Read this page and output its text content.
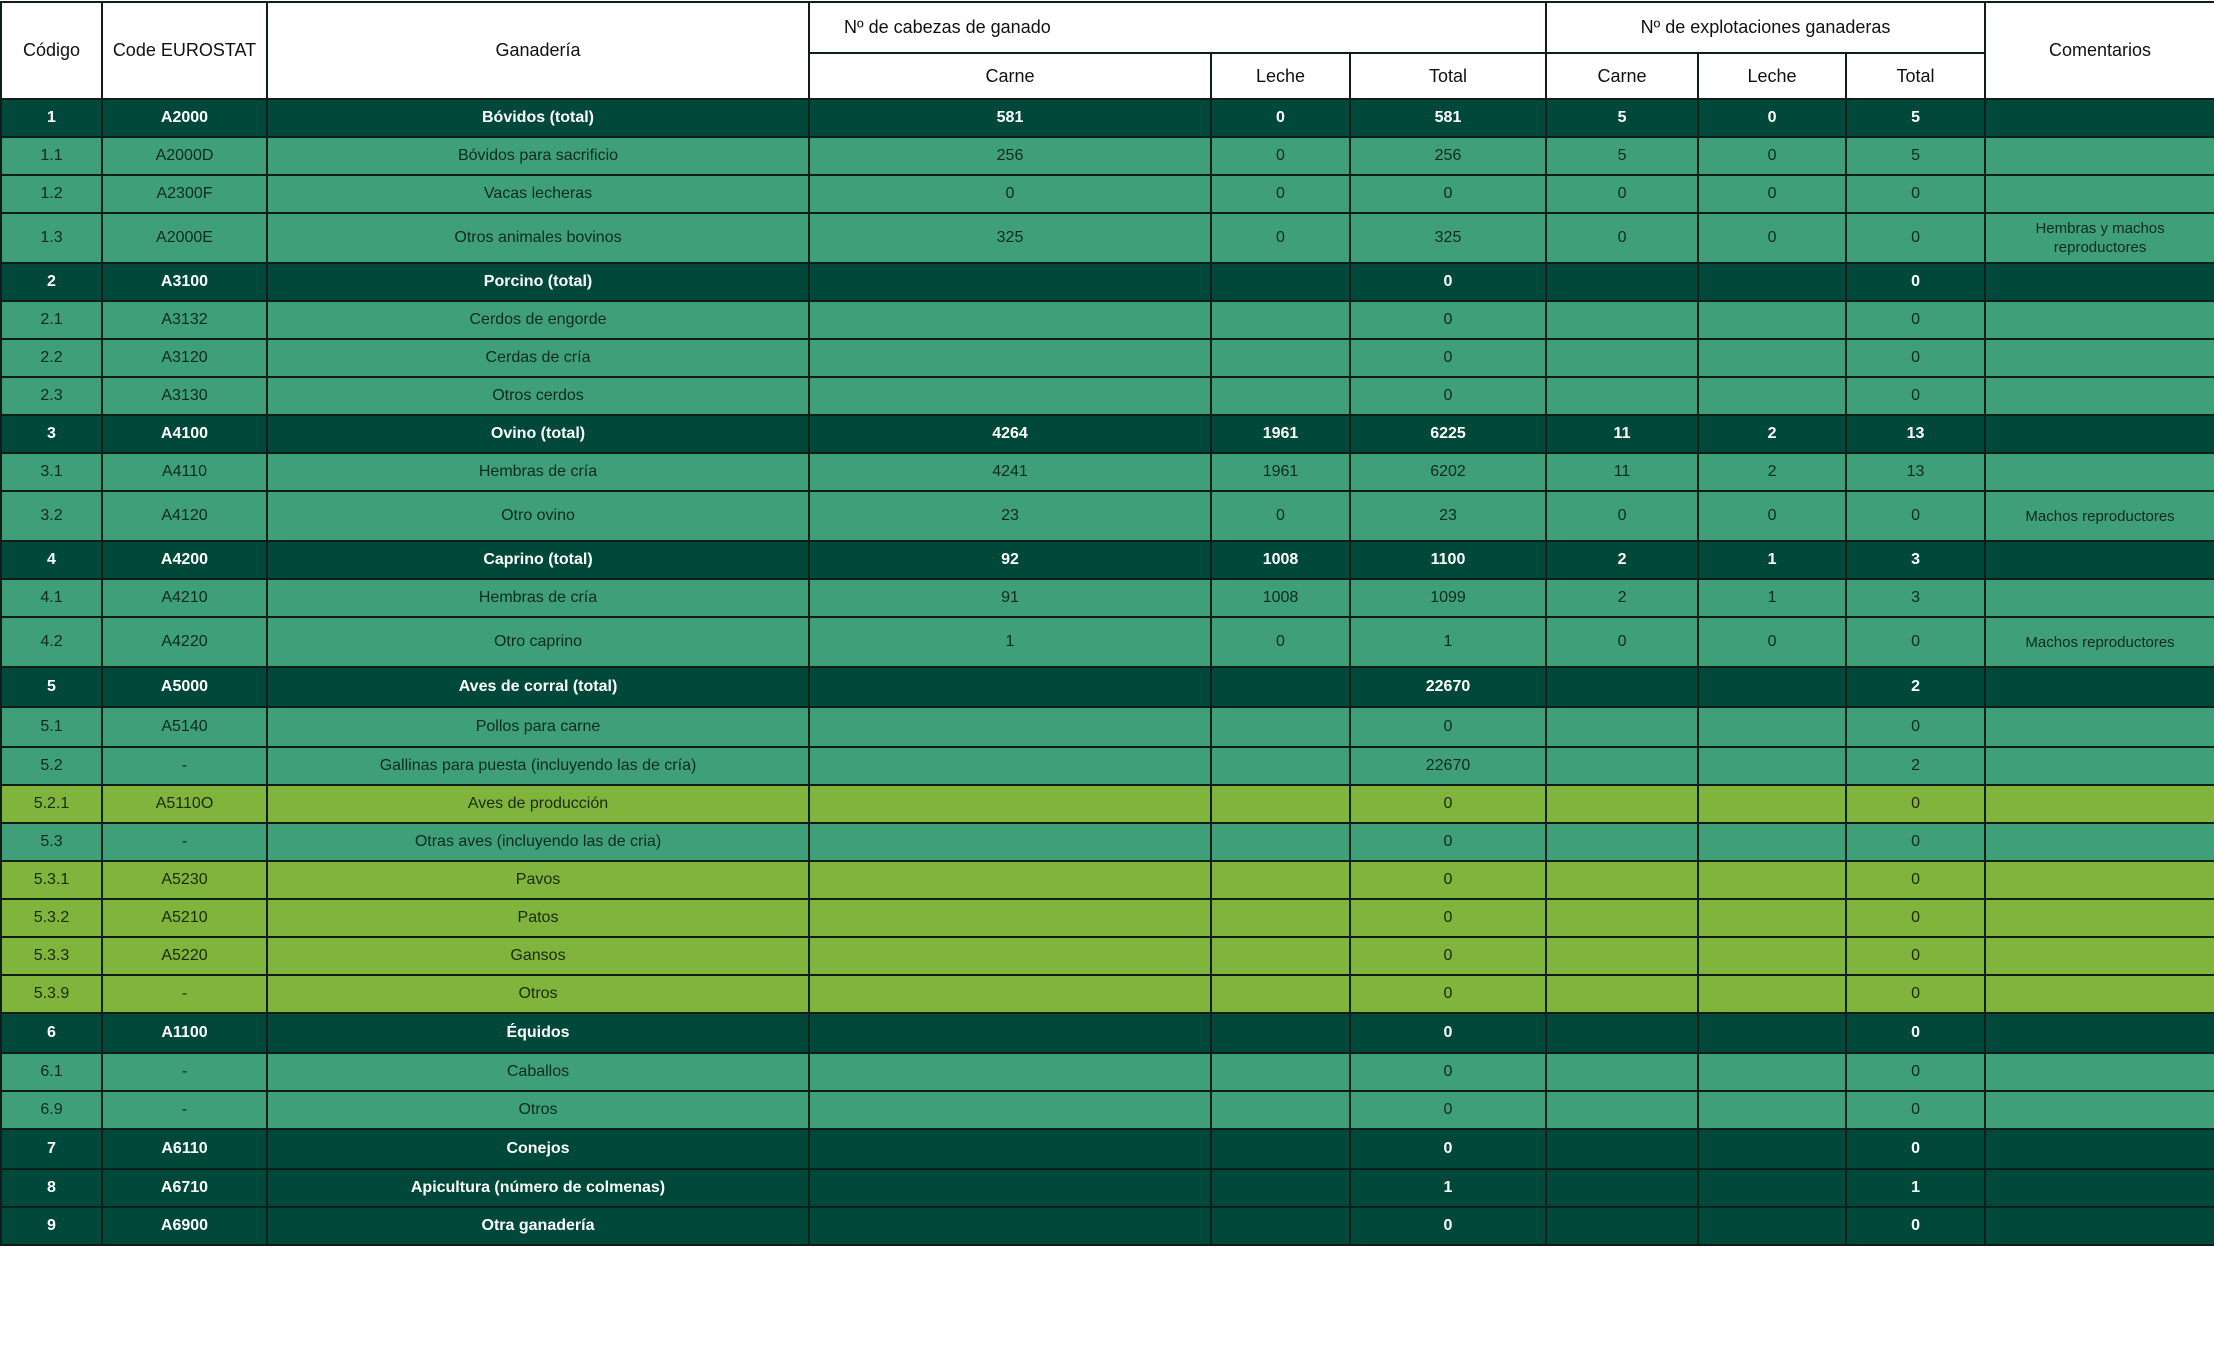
Código	Code EUROSTAT	Ganadería	Nº de cabezas de ganado			Nº de explotaciones ganaderas			Comentarios
			Carne	Leche	Total	Carne	Leche	Total	
1	A2000	Bóvidos (total)	581	0	581	5	0	5	
1.1	A2000D	Bóvidos para sacrificio	256	0	256	5	0	5	
1.2	A2300F	Vacas lecheras	0	0	0	0	0	0	
1.3	A2000E	Otros animales bovinos	325	0	325	0	0	0	Hembras y machos reproductores
2	A3100	Porcino (total)			0			0	
2.1	A3132	Cerdos de engorde			0			0	
2.2	A3120	Cerdas de cría			0			0	
2.3	A3130	Otros cerdos			0			0	
3	A4100	Ovino (total)	4264	1961	6225	11	2	13	
3.1	A4110	Hembras de cría	4241	1961	6202	11	2	13	
3.2	A4120	Otro ovino	23	0	23	0	0	0	Machos reproductores
4	A4200	Caprino (total)	92	1008	1100	2	1	3	
4.1	A4210	Hembras de cría	91	1008	1099	2	1	3	
4.2	A4220	Otro caprino	1	0	1	0	0	0	Machos reproductores
5	A5000	Aves de corral (total)			22670			2	
5.1	A5140	Pollos para carne			0			0	
5.2	-	Gallinas para puesta (incluyendo las de cría)			22670			2	
5.2.1	A5110O	Aves de producción			0			0	
5.3	-	Otras aves (incluyendo las de cria)			0			0	
5.3.1	A5230	Pavos			0			0	
5.3.2	A5210	Patos			0			0	
5.3.3	A5220	Gansos			0			0	
5.3.9	-	Otros			0			0	
6	A1100	Équidos			0			0	
6.1	-	Caballos			0			0	
6.9	-	Otros			0			0	
7	A6110	Conejos			0			0	
8	A6710	Apicultura (número de colmenas)			1			1	
9	A6900	Otra ganadería			0			0	
